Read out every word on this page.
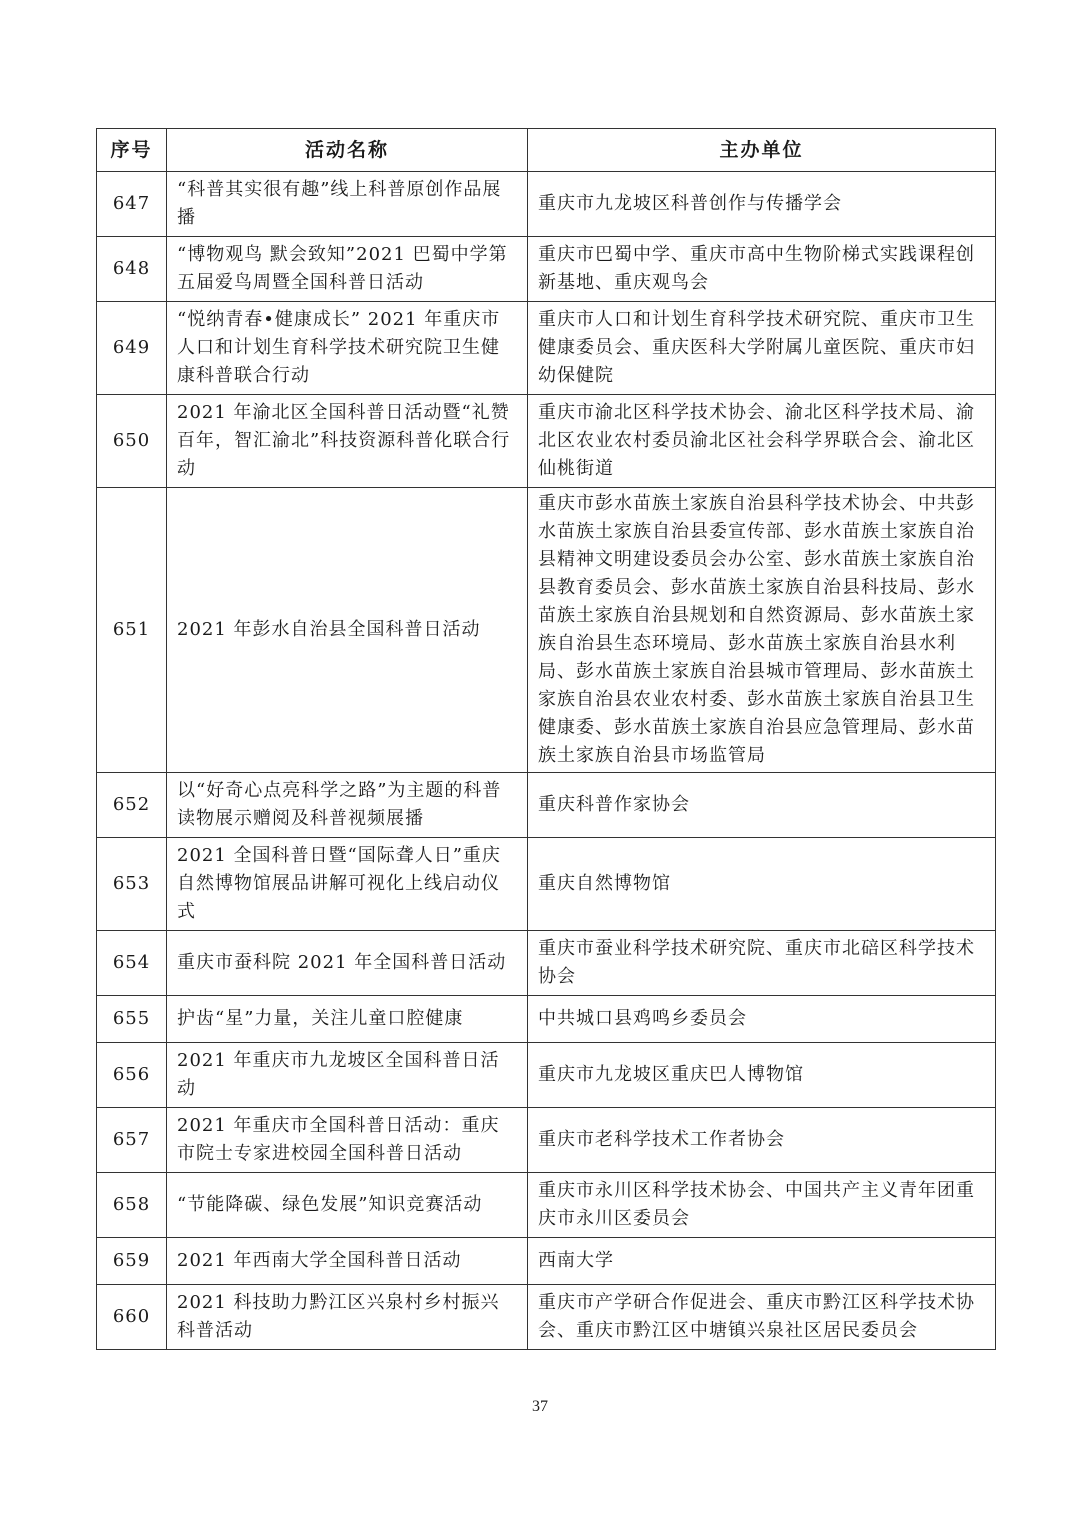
序号	活动名称	主办单位
647	“科普其实很有趣”线上科普原创作品展播	重庆市九龙坡区科普创作与传播学会
648	“博物观鸟 默会致知”2021 巴蜀中学第五届爱鸟周暨全国科普日活动	重庆市巴蜀中学、重庆市高中生物阶梯式实践课程创新基地、重庆观鸟会
649	“悦纳青春•健康成长” 2021 年重庆市人口和计划生育科学技术研究院卫生健康科普联合行动	重庆市人口和计划生育科学技术研究院、重庆市卫生健康委员会、重庆医科大学附属儿童医院、重庆市妇幼保健院
650	2021 年渝北区全国科普日活动暨“礼赞百年，智汇渝北”科技资源科普化联合行动	重庆市渝北区科学技术协会、渝北区科学技术局、渝北区农业农村委员渝北区社会科学界联合会、渝北区仙桃街道
651	2021 年彭水自治县全国科普日活动	重庆市彭水苗族土家族自治县科学技术协会、中共彭水苗族土家族自治县委宣传部、彭水苗族土家族自治县精神文明建设委员会办公室、彭水苗族土家族自治县教育委员会、彭水苗族土家族自治县科技局、彭水苗族土家族自治县规划和自然资源局、彭水苗族土家族自治县生态环境局、彭水苗族土家族自治县水利局、彭水苗族土家族自治县城市管理局、彭水苗族土家族自治县农业农村委、彭水苗族土家族自治县卫生健康委、彭水苗族土家族自治县应急管理局、彭水苗族土家族自治县市场监管局
652	以“好奇心点亮科学之路”为主题的科普读物展示赠阅及科普视频展播	重庆科普作家协会
653	2021 全国科普日暨“国际聋人日”重庆自然博物馆展品讲解可视化上线启动仪式	重庆自然博物馆
654	重庆市蚕科院 2021 年全国科普日活动	重庆市蚕业科学技术研究院、重庆市北碚区科学技术协会
655	护齿“星”力量，关注儿童口腔健康	中共城口县鸡鸣乡委员会
656	2021 年重庆市九龙坡区全国科普日活动	重庆市九龙坡区重庆巴人博物馆
657	2021 年重庆市全国科普日活动：重庆市院士专家进校园全国科普日活动	重庆市老科学技术工作者协会
658	“节能降碳、绿色发展”知识竞赛活动	重庆市永川区科学技术协会、中国共产主义青年团重庆市永川区委员会
659	2021 年西南大学全国科普日活动	西南大学
660	2021 科技助力黔江区兴泉村乡村振兴科普活动	重庆市产学研合作促进会、重庆市黔江区科学技术协会、重庆市黔江区中塘镇兴泉社区居民委员会
37
